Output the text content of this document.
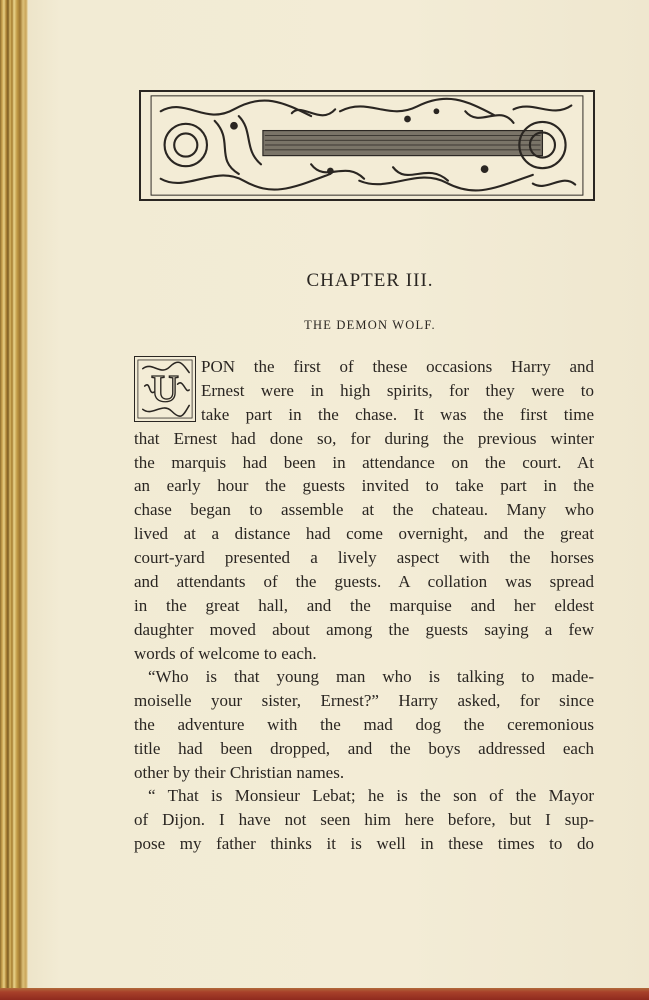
CHAPTER III.
THE DEMON WOLF.
U
PON the first of these occasions Harry and
Ernest were in high spirits, for they were to
take part in the chase. It was the first time
that Ernest had done so, for during the previous winter
the marquis had been in attendance on the court. At
an early hour the guests invited to take part in the
chase began to assemble at the chateau. Many who
lived at a distance had come overnight, and the great
court-yard presented a lively aspect with the horses
and attendants of the guests. A collation was spread
in the great hall, and the marquise and her eldest
daughter moved about among the guests saying a few
words of welcome to each.
“Who is that young man who is talking to made-
moiselle your sister, Ernest?” Harry asked, for since
the adventure with the mad dog the ceremonious
title had been dropped, and the boys addressed each
other by their Christian names.
“ That is Monsieur Lebat; he is the son of the Mayor
of Dijon. I have not seen him here before, but I sup-
pose my father thinks it is well in these times to do
